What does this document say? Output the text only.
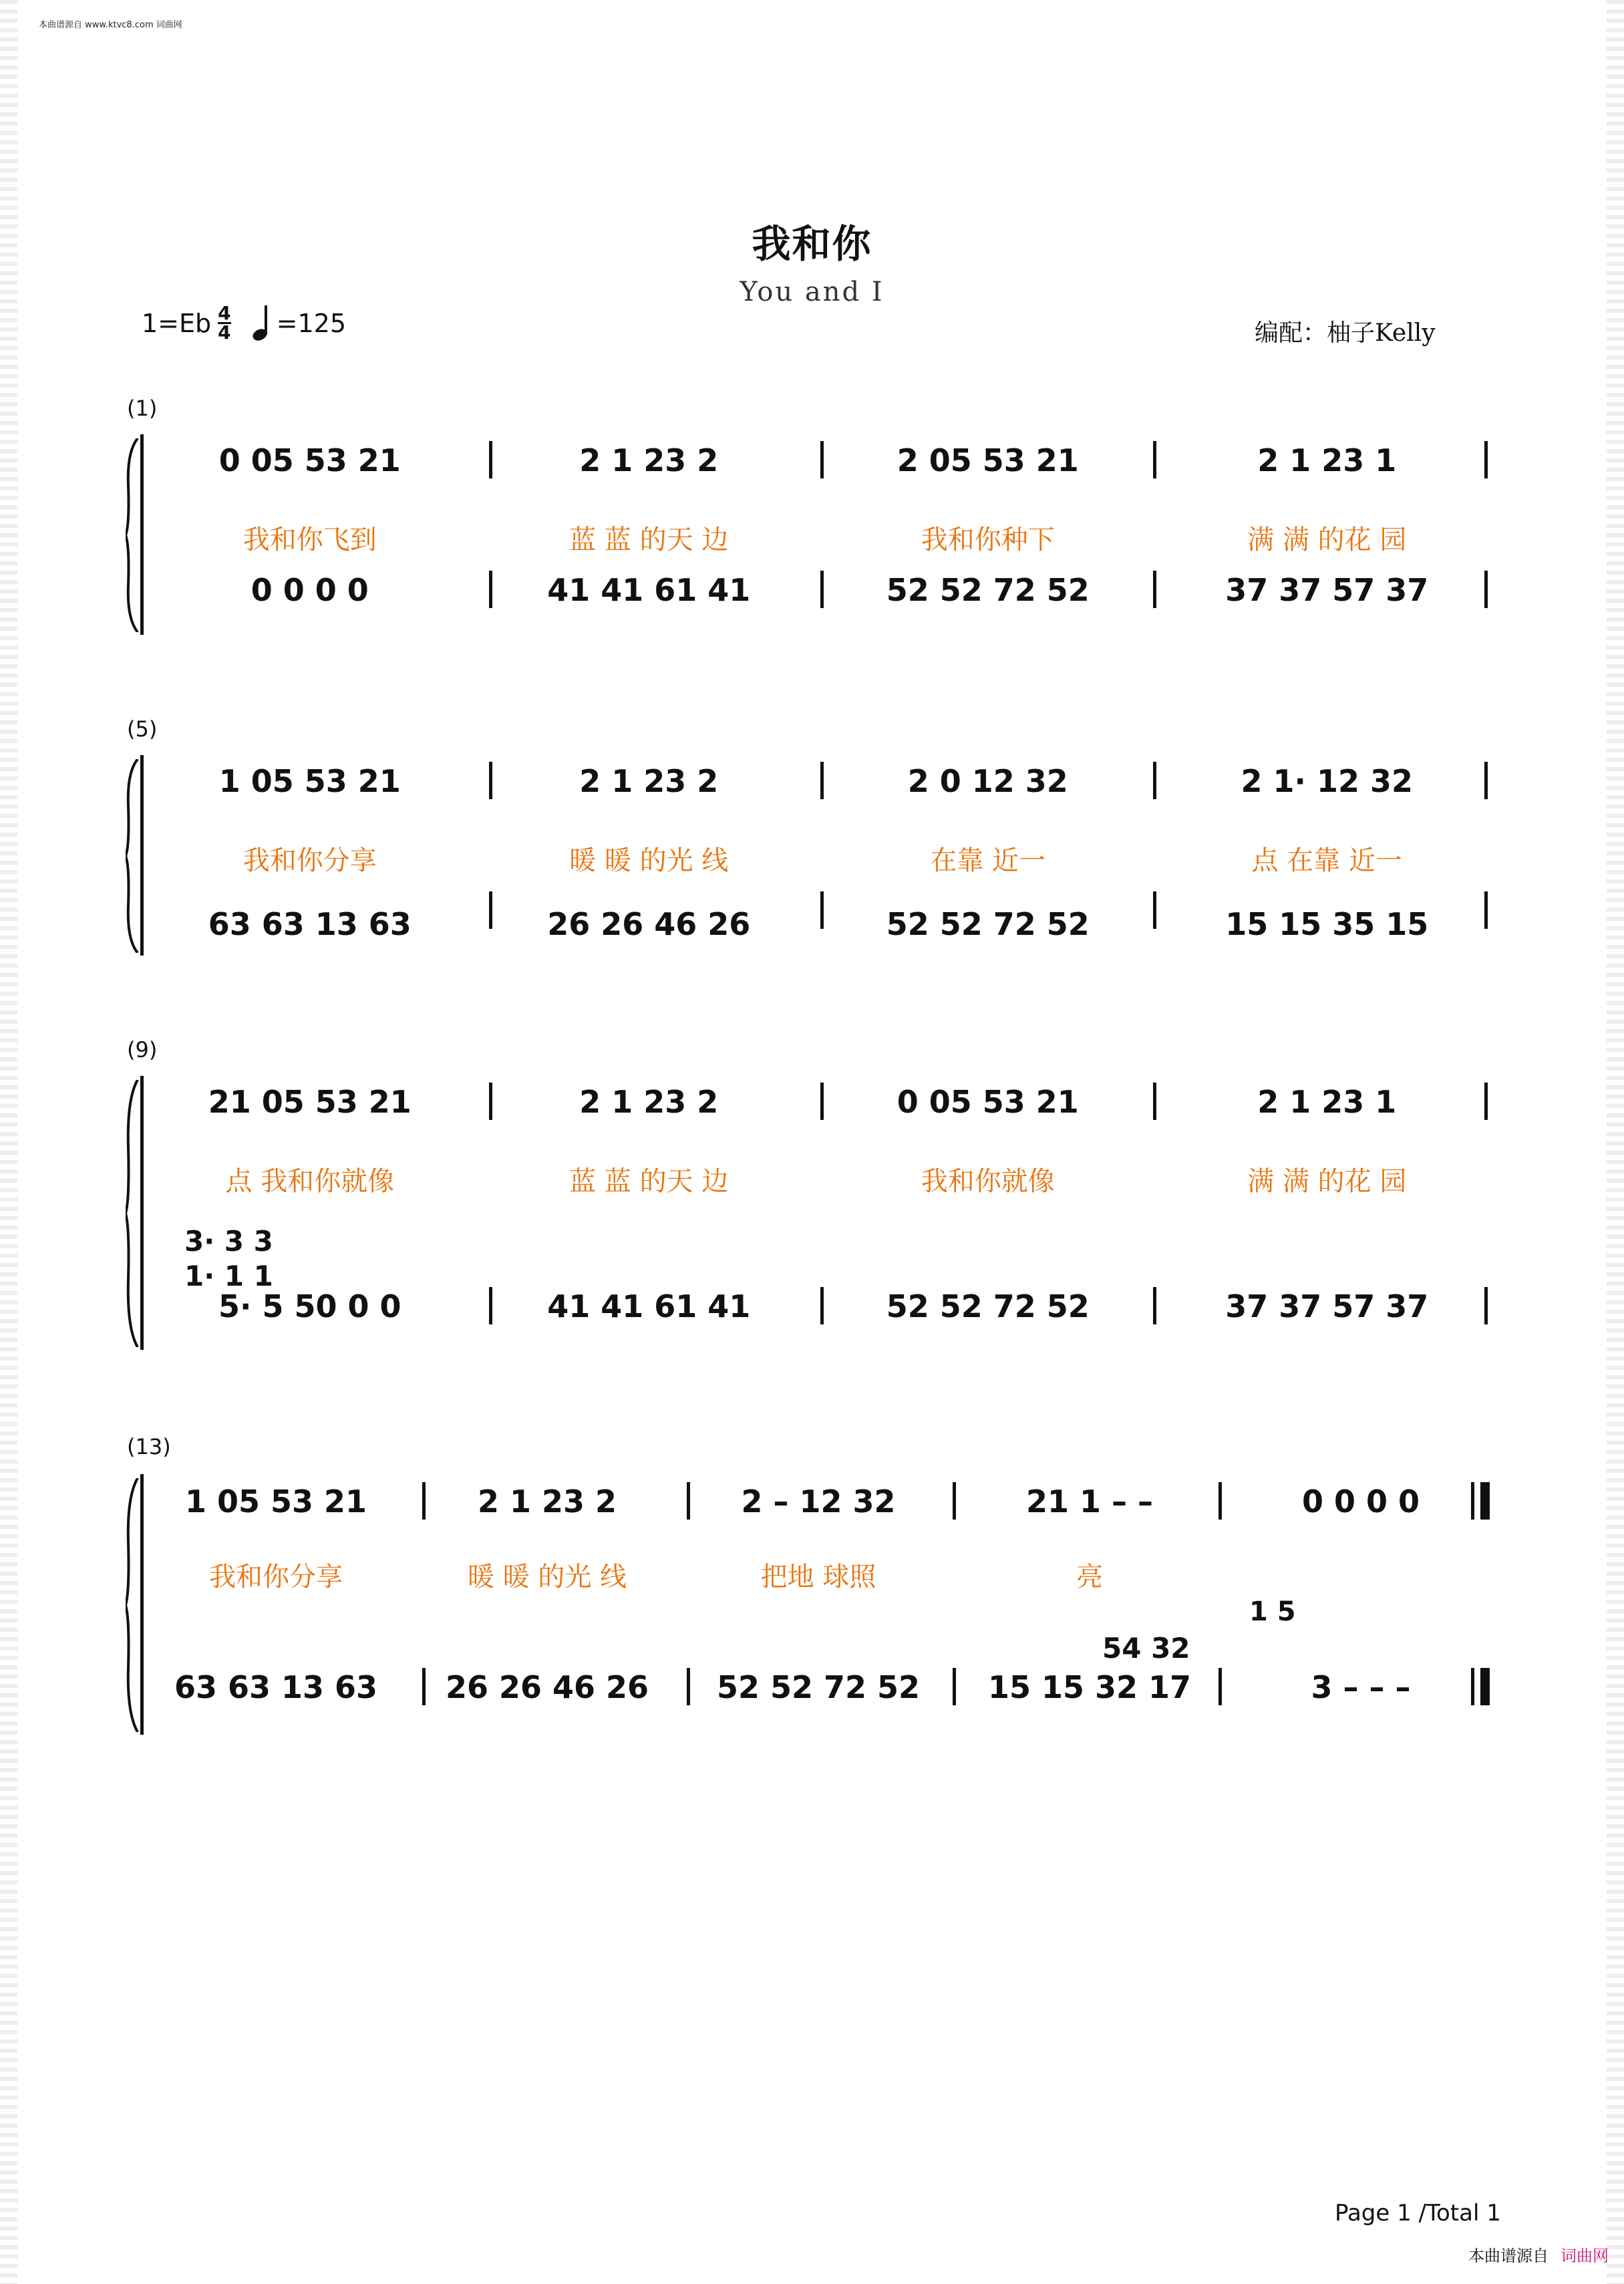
本曲谱源自 www.ktvc8.com 词曲网
我和你
You and I
$1=Eb \frac{4}{4} =125$	编配：柚子Kelly
(1)
0 05 53 21	2 1 23 2	2 05 53 21	2 1 23 1
我和你飞到	蓝 蓝 的天 边	我和你种下	满 满 的花 园
0 0 0 0	41 41 61 41	52 52 72 52	37 37 57 37
(5)
1 05 53 21	2 1 23 2	2 0 12 32	2 1· 12 32
我和你分享	暖 暖 的光 线	在靠 近一	点 在靠 近一
63 63 13 63	26 26 46 26	52 52 72 52	15 15 35 15
(9)
21 05 53 21	2 1 23 2	0 05 53 21	2 1 23 1
点 我和你就像	蓝 蓝 的天 边	我和你就像	满 满 的花 园
3· 3 3
1· 1 1
5· 5 50 0 0	41 41 61 41	52 52 72 52	37 37 57 37
(13)
1 05 53 21	2 1 23 2	2 – 12 32	21 1 – –	0 0 0 0
我和你分享	暖 暖 的光 线	把地 球照	亮
54 32
1 5
63 63 13 63	26 26 46 26	52 52 72 52	15 15 32 17	3 – – –
Page 1 /Total 1
本曲谱源自 词曲网
